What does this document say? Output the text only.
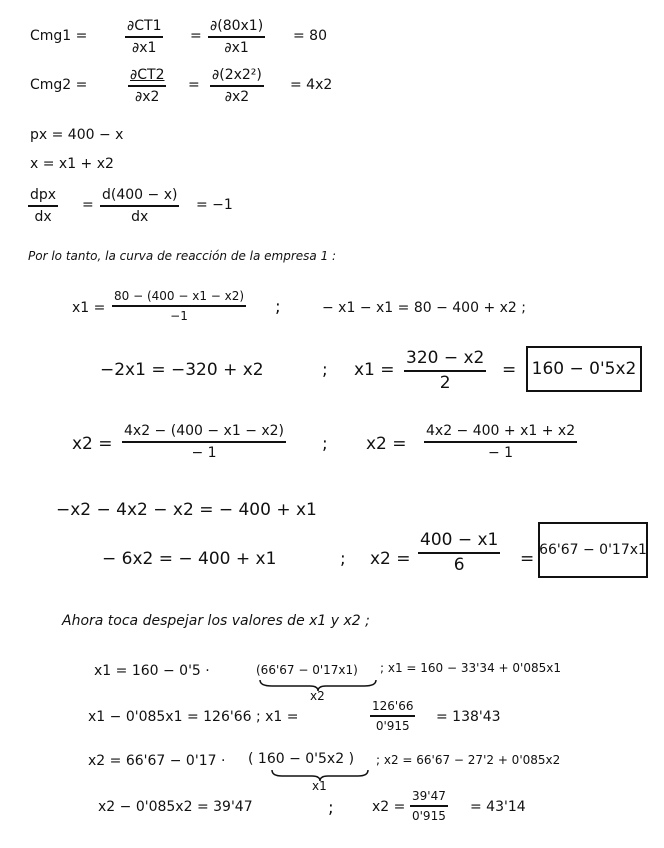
Cmg1 =
∂CT1
∂x1
=
∂(80x1)
∂x1
= 80
Cmg2 =	$\frac{\partial CT2}{\partial x2}$ =
∂(2x2²)
∂x2
= 4x2
px = 400 − x
x = x1 + x2
dpx
dx
=
d(400 − x)
dx
= −1
Por lo tanto, la curva de reacción de la empresa 1 :
x1 =
80 − (400 − x1 − x2)
−1	;	− x1 − x1 = 80 − 400 + x2 ;
−2x1 = −320 + x2	; x1 =
320 − x2
2
= 160 − 0'5x2
x2 =
4x2 − (400 − x1 − x2)
− 1	; x2 =
4x2 − 400 + x1 + x2
− 1
−x2 − 4x2 − x2 = − 400 + x1
− 6x2 = − 400 + x1	; x2 =
400 − x1
6	= 66'67 − 0'17x1
Ahora toca despejar los valores de x1 y x2 ;
x1 = 160 − 0'5 ·	(66'67 − 0'17x1)
x2
; x1 = 160 − 33'34 + 0'085x1
x1 − 0'085x1 = 126'66 ; x1 =
126'66
0'915
= 138'43
x2 = 66'67 − 0'17 · ( 160 − 0'5x2 )
x1
; x2 = 66'67 − 27'2 + 0'085x2
x2 − 0'085x2 = 39'47	;	x2 =
39'47
0'915
= 43'14
